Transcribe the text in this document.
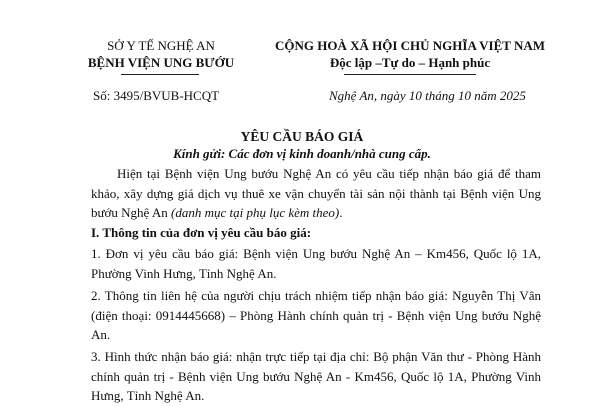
SỞ Y TẾ NGHỆ AN
BỆNH VIỆN UNG BƯỚU
Số: 3495/BVUB-HCQT
CỘNG HOÀ XÃ HỘI CHỦ NGHĨA VIỆT NAM
Độc lập –Tự do – Hạnh phúc
Nghệ An, ngày 10 tháng 10 năm 2025
YÊU CẦU BÁO GIÁ
Kính gửi: Các đơn vị kinh doanh/nhà cung cấp.
Hiện tại Bệnh viện Ung bướu Nghệ An có yêu cầu tiếp nhận báo giá để tham khảo, xây dựng giá dịch vụ thuê xe vận chuyển tài sản nội thành tại Bệnh viện Ung bướu Nghệ An (danh mục tại phụ lục kèm theo).
I. Thông tin của đơn vị yêu cầu báo giá:
1. Đơn vị yêu cầu báo giá: Bệnh viện Ung bướu Nghệ An – Km456, Quốc lộ 1A, Phường Vinh Hưng, Tỉnh Nghệ An.
2. Thông tin liên hệ của người chịu trách nhiệm tiếp nhận báo giá: Nguyễn Thị Vân (điện thoại: 0914445668) – Phòng Hành chính quản trị - Bệnh viện Ung bướu Nghệ An.
3. Hình thức nhận báo giá: nhận trực tiếp tại địa chỉ: Bộ phận Văn thư - Phòng Hành chính quản trị - Bệnh viện Ung bướu Nghệ An - Km456, Quốc lộ 1A, Phường Vinh Hưng, Tỉnh Nghệ An.
